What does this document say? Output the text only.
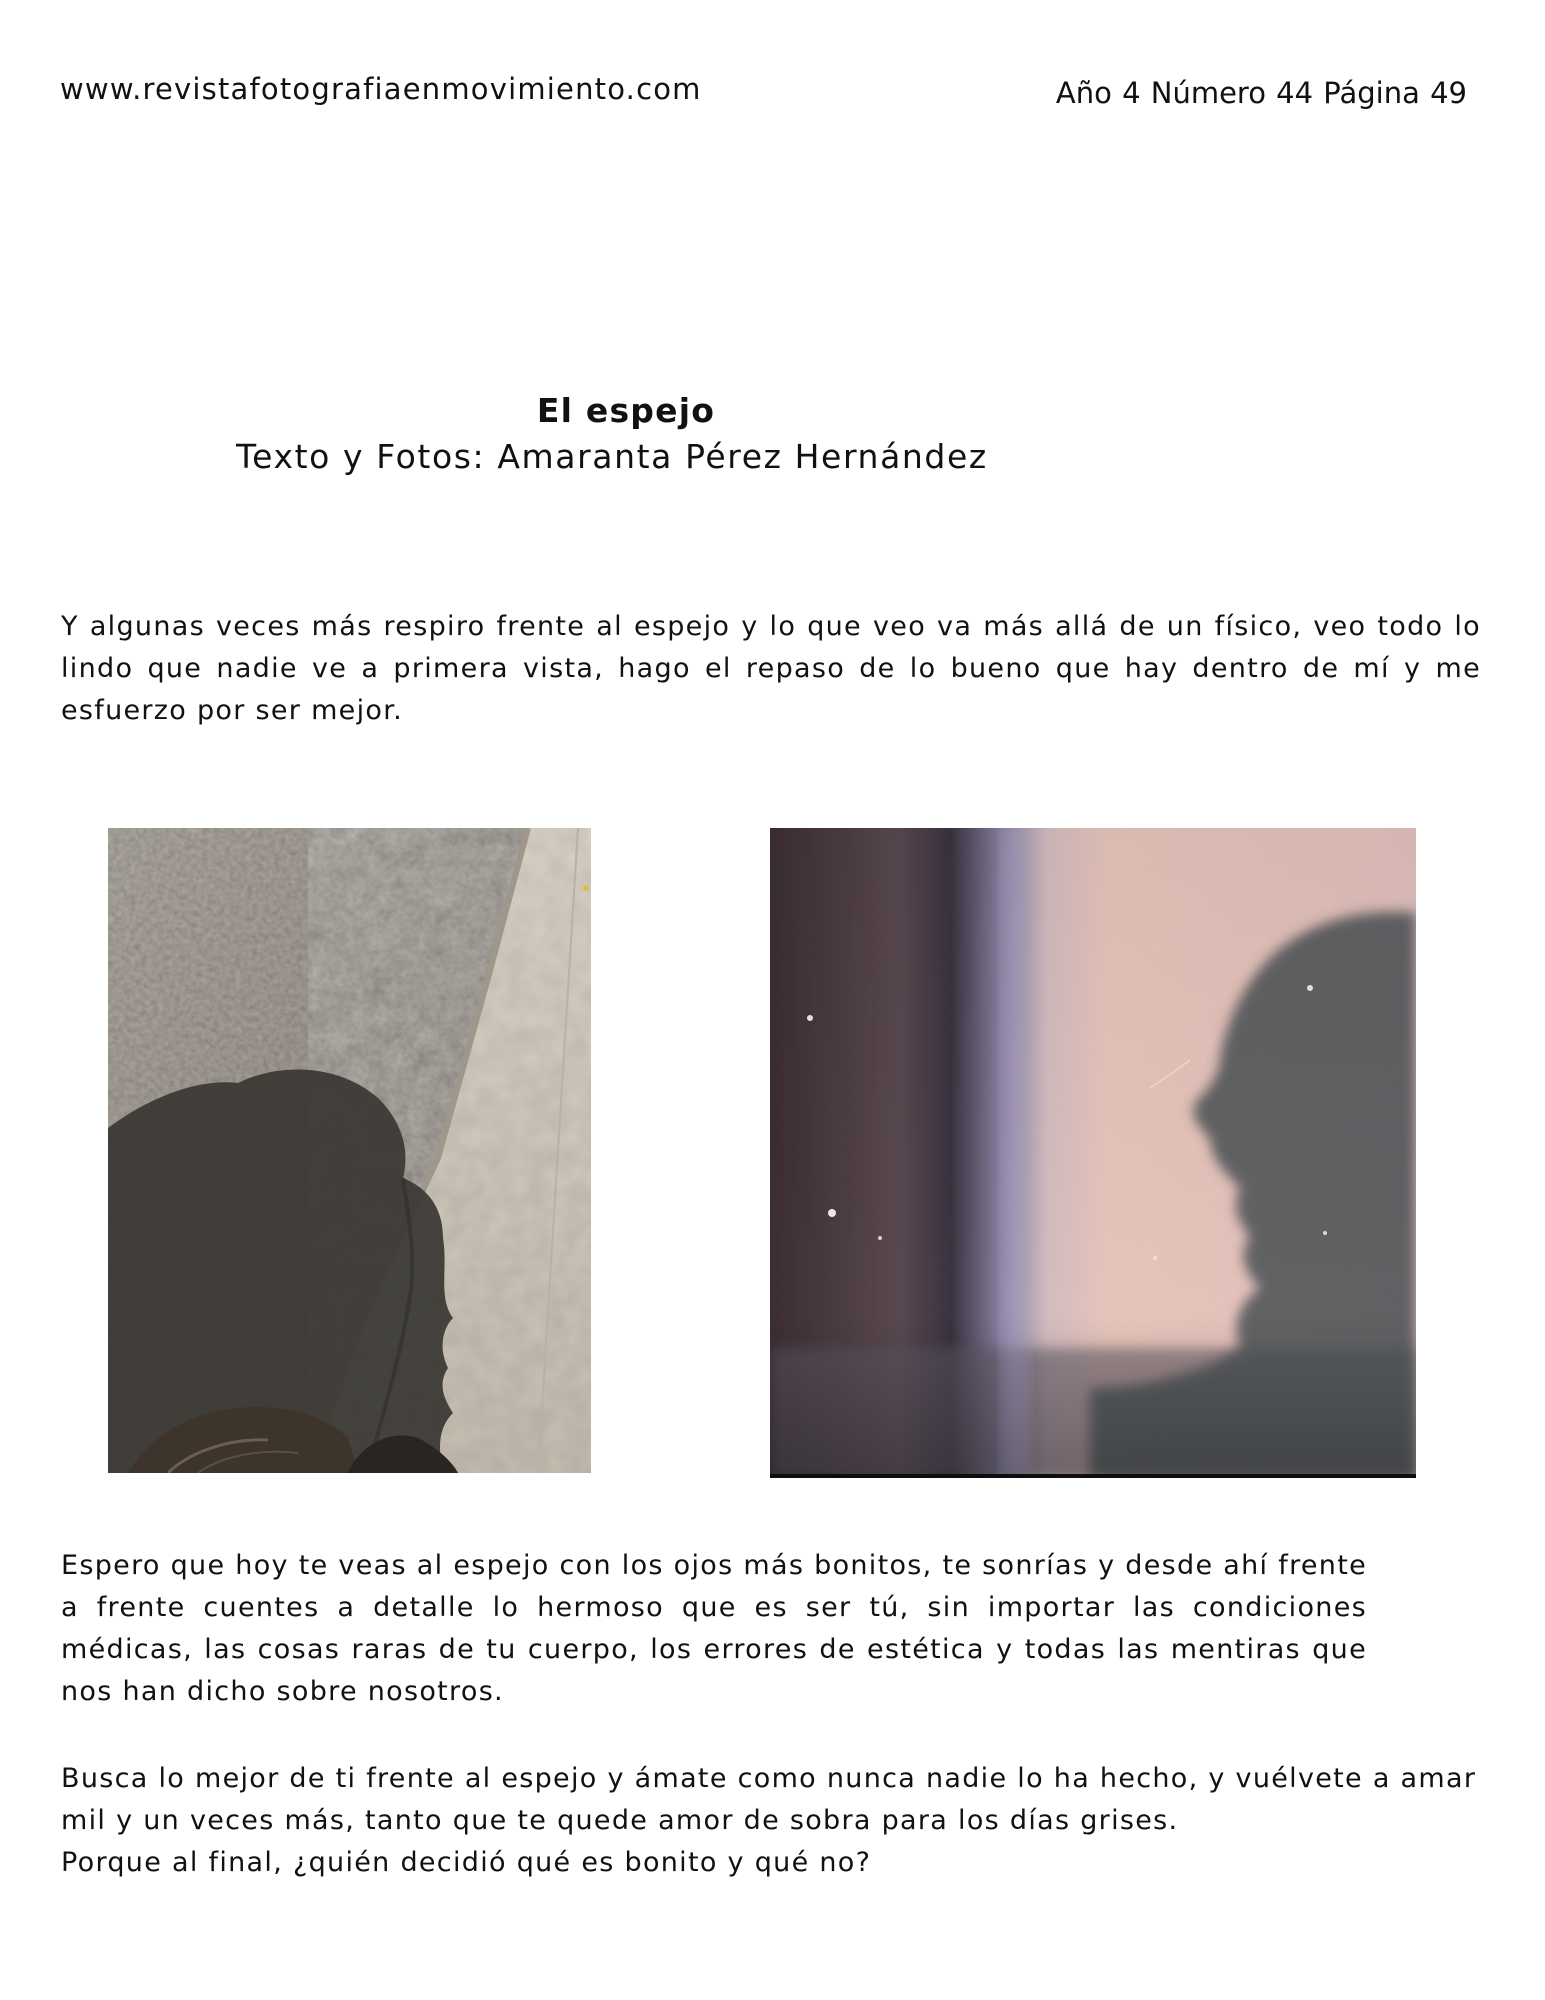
www.revistafotografiaenmovimiento.com	Año 4 Número 44 Página 49
El espejo
Texto y Fotos: Amaranta Pérez Hernández

Y algunas veces más respiro frente al espejo y lo que veo va más allá de un físico, veo todo lo lindo que nadie ve a primera vista, hago el repaso de lo bueno que hay dentro de mí y me esfuerzo por ser mejor.

Espero que hoy te veas al espejo con los ojos más bonitos, te sonrías y desde ahí frente a frente cuentes a detalle lo hermoso que es ser tú, sin importar las condiciones médicas, las cosas raras de tu cuerpo, los errores de estética y todas las mentiras que nos han dicho sobre nosotros.

Busca lo mejor de ti frente al espejo y ámate como nunca nadie lo ha hecho, y vuélvete a amar mil y un veces más, tanto que te quede amor de sobra para los días grises.
Porque al final, ¿quién decidió qué es bonito y qué no?
